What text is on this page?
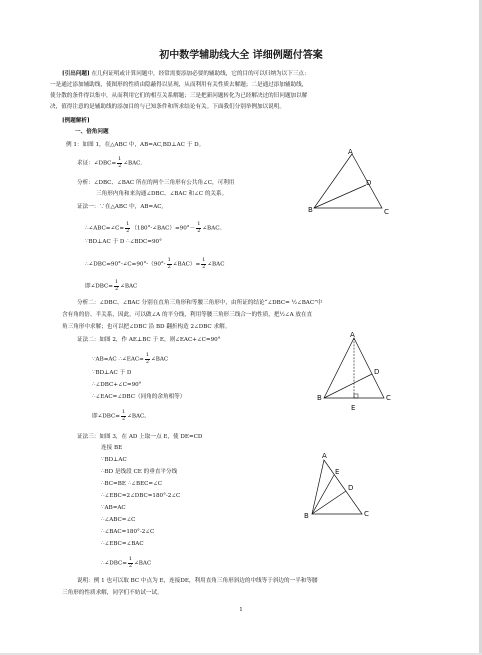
初中数学辅助线大全 详细例题付答案
[引出问题] 在几何证明或计算问题中，经常需要添加必要的辅助线，它的目的可以归纳为以下三点：
一是通过添加辅助线，使图形的性质由隐蔽得以显现，从而利用有关性质去解题；二是通过添加辅助线，
使分散的条件得以集中，从而利用它们的相互关系解题；三是把新问题转化为已经解决过的旧问题加以解
决，值得注意的是辅助线的添加目的与已知条件和所求结论有关。下面我们分别举例加以说明。
[例题解析]
一、倍角问题
例 1：如图 1，在△ABC 中，AB=AC,BD⊥AC 于 D。
求证：∠DBC= $\frac{1}{2}$ ∠BAC.
分析：∠DBC、∠BAC 所在的两个三角形有公共角∠C，可利用
三角形内角和来沟通∠DBC、∠BAC 和∠C 的关系。
证法一：∵在△ABC 中，AB=AC,
∴∠ABC=∠C= $\frac{1}{2}$ （180°-∠BAC）=90°－ $\frac{1}{2}$ ∠BAC。
∵BD⊥AC 于 D ∴∠BDC=90°
∴∠DBC=90°-∠C=90°-（90°- $\frac{1}{2}$ ∠BAC）= $\frac{1}{2}$ ∠BAC
即∠DBC= $\frac{1}{2}$ ∠BAC
分析二：∠DBC、∠BAC 分别在直角三角形和等腰三角形中，由所证的结论“∠DBC= ½∠BAC”中
含有角的倍、半关系，因此，可以做∠A 的平分线，利用等腰三角形三线合一的性质，把½∠A 放在直
角三角形中求解；也可以把∠DBC 沿 BD 翻折构造 2∠DBC 求解。
证法二：如图 2，作 AE⊥BC 于 E，则∠EAC+∠C=90°
∵AB=AC ∴∠EAC= $\frac{1}{2}$ ∠BAC
∵BD⊥AC 于 D
∴∠DBC+∠C=90°
∴∠EAC=∠DBC（同角的余角相等）
即∠DBC= $\frac{1}{2}$ ∠BAC。
证法三：如图 3，在 AD 上取一点 E，使 DE=CD
连接 BE
∵BD⊥AC
∴BD 是线段 CE 的垂直平分线
∴BC=BE ∴∠BEC=∠C
∴∠EBC=2∠DBC=180°-2∠C
∵AB=AC
∴∠ABC=∠C
∴∠BAC=180°-2∠C
∴∠EBC=∠BAC
∴∠DBC= $\frac{1}{2}$ ∠BAC
说明：例 1 也可以取 BC 中点为 E，连接DE，利用直角三角形斜边的中线等于斜边的一半和等腰
三角形的性质求解，同学们不妨试一试。
1
A
B	C
D
A
B	C
D
E
A
B	C
D
E
